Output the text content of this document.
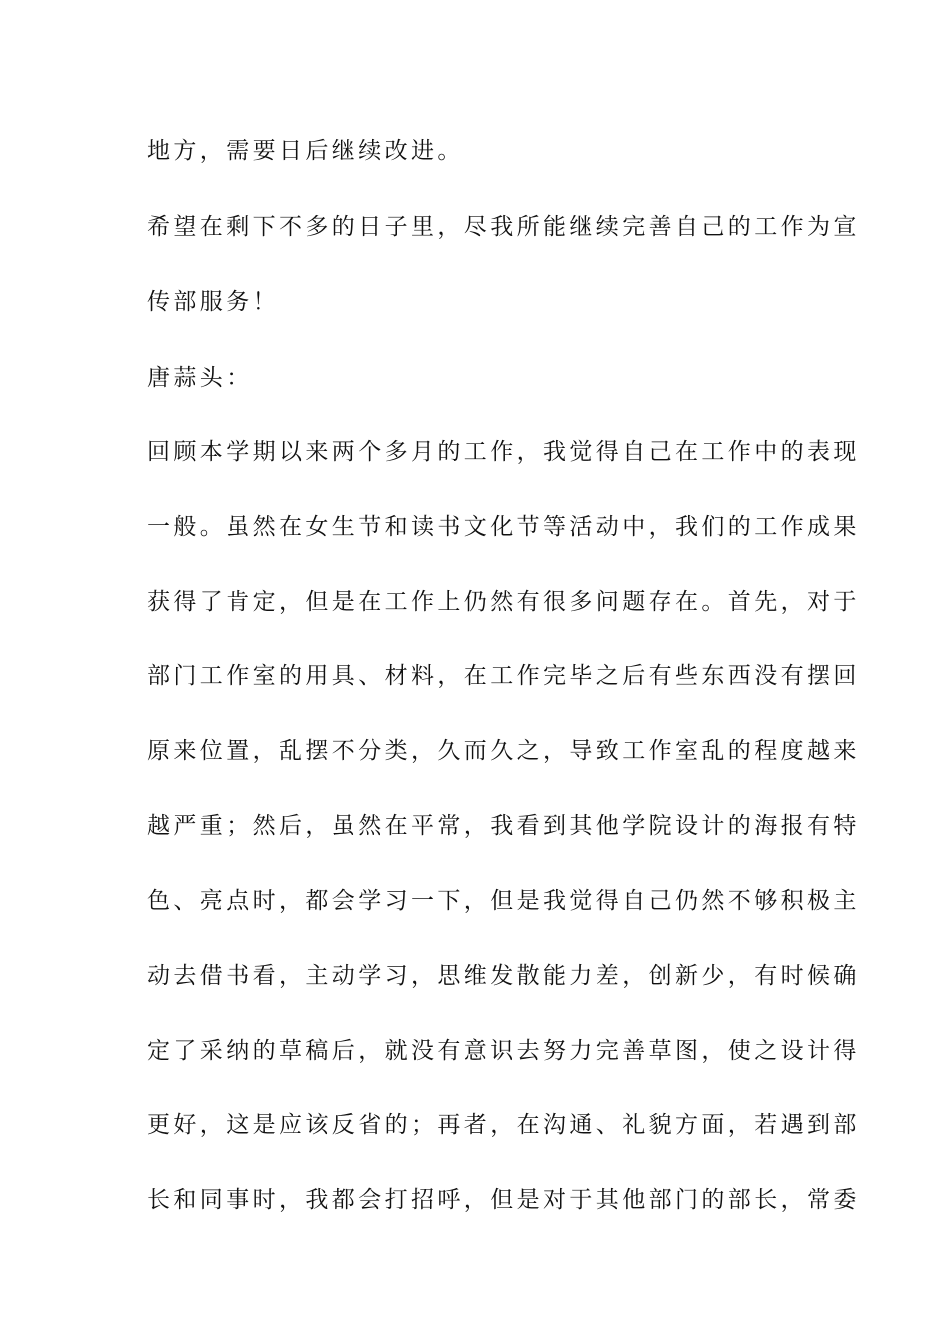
地方，需要日后继续改进。
希望在剩下不多的日子里，尽我所能继续完善自己的工作为宣
传部服务！
唐蒜头：
回顾本学期以来两个多月的工作，我觉得自己在工作中的表现
一般。虽然在女生节和读书文化节等活动中，我们的工作成果
获得了肯定，但是在工作上仍然有很多问题存在。首先，对于
部门工作室的用具、材料，在工作完毕之后有些东西没有摆回
原来位置，乱摆不分类，久而久之，导致工作室乱的程度越来
越严重；然后，虽然在平常，我看到其他学院设计的海报有特
色、亮点时，都会学习一下，但是我觉得自己仍然不够积极主
动去借书看，主动学习，思维发散能力差，创新少，有时候确
定了采纳的草稿后，就没有意识去努力完善草图，使之设计得
更好，这是应该反省的；再者，在沟通、礼貌方面，若遇到部
长和同事时，我都会打招呼，但是对于其他部门的部长，常委
